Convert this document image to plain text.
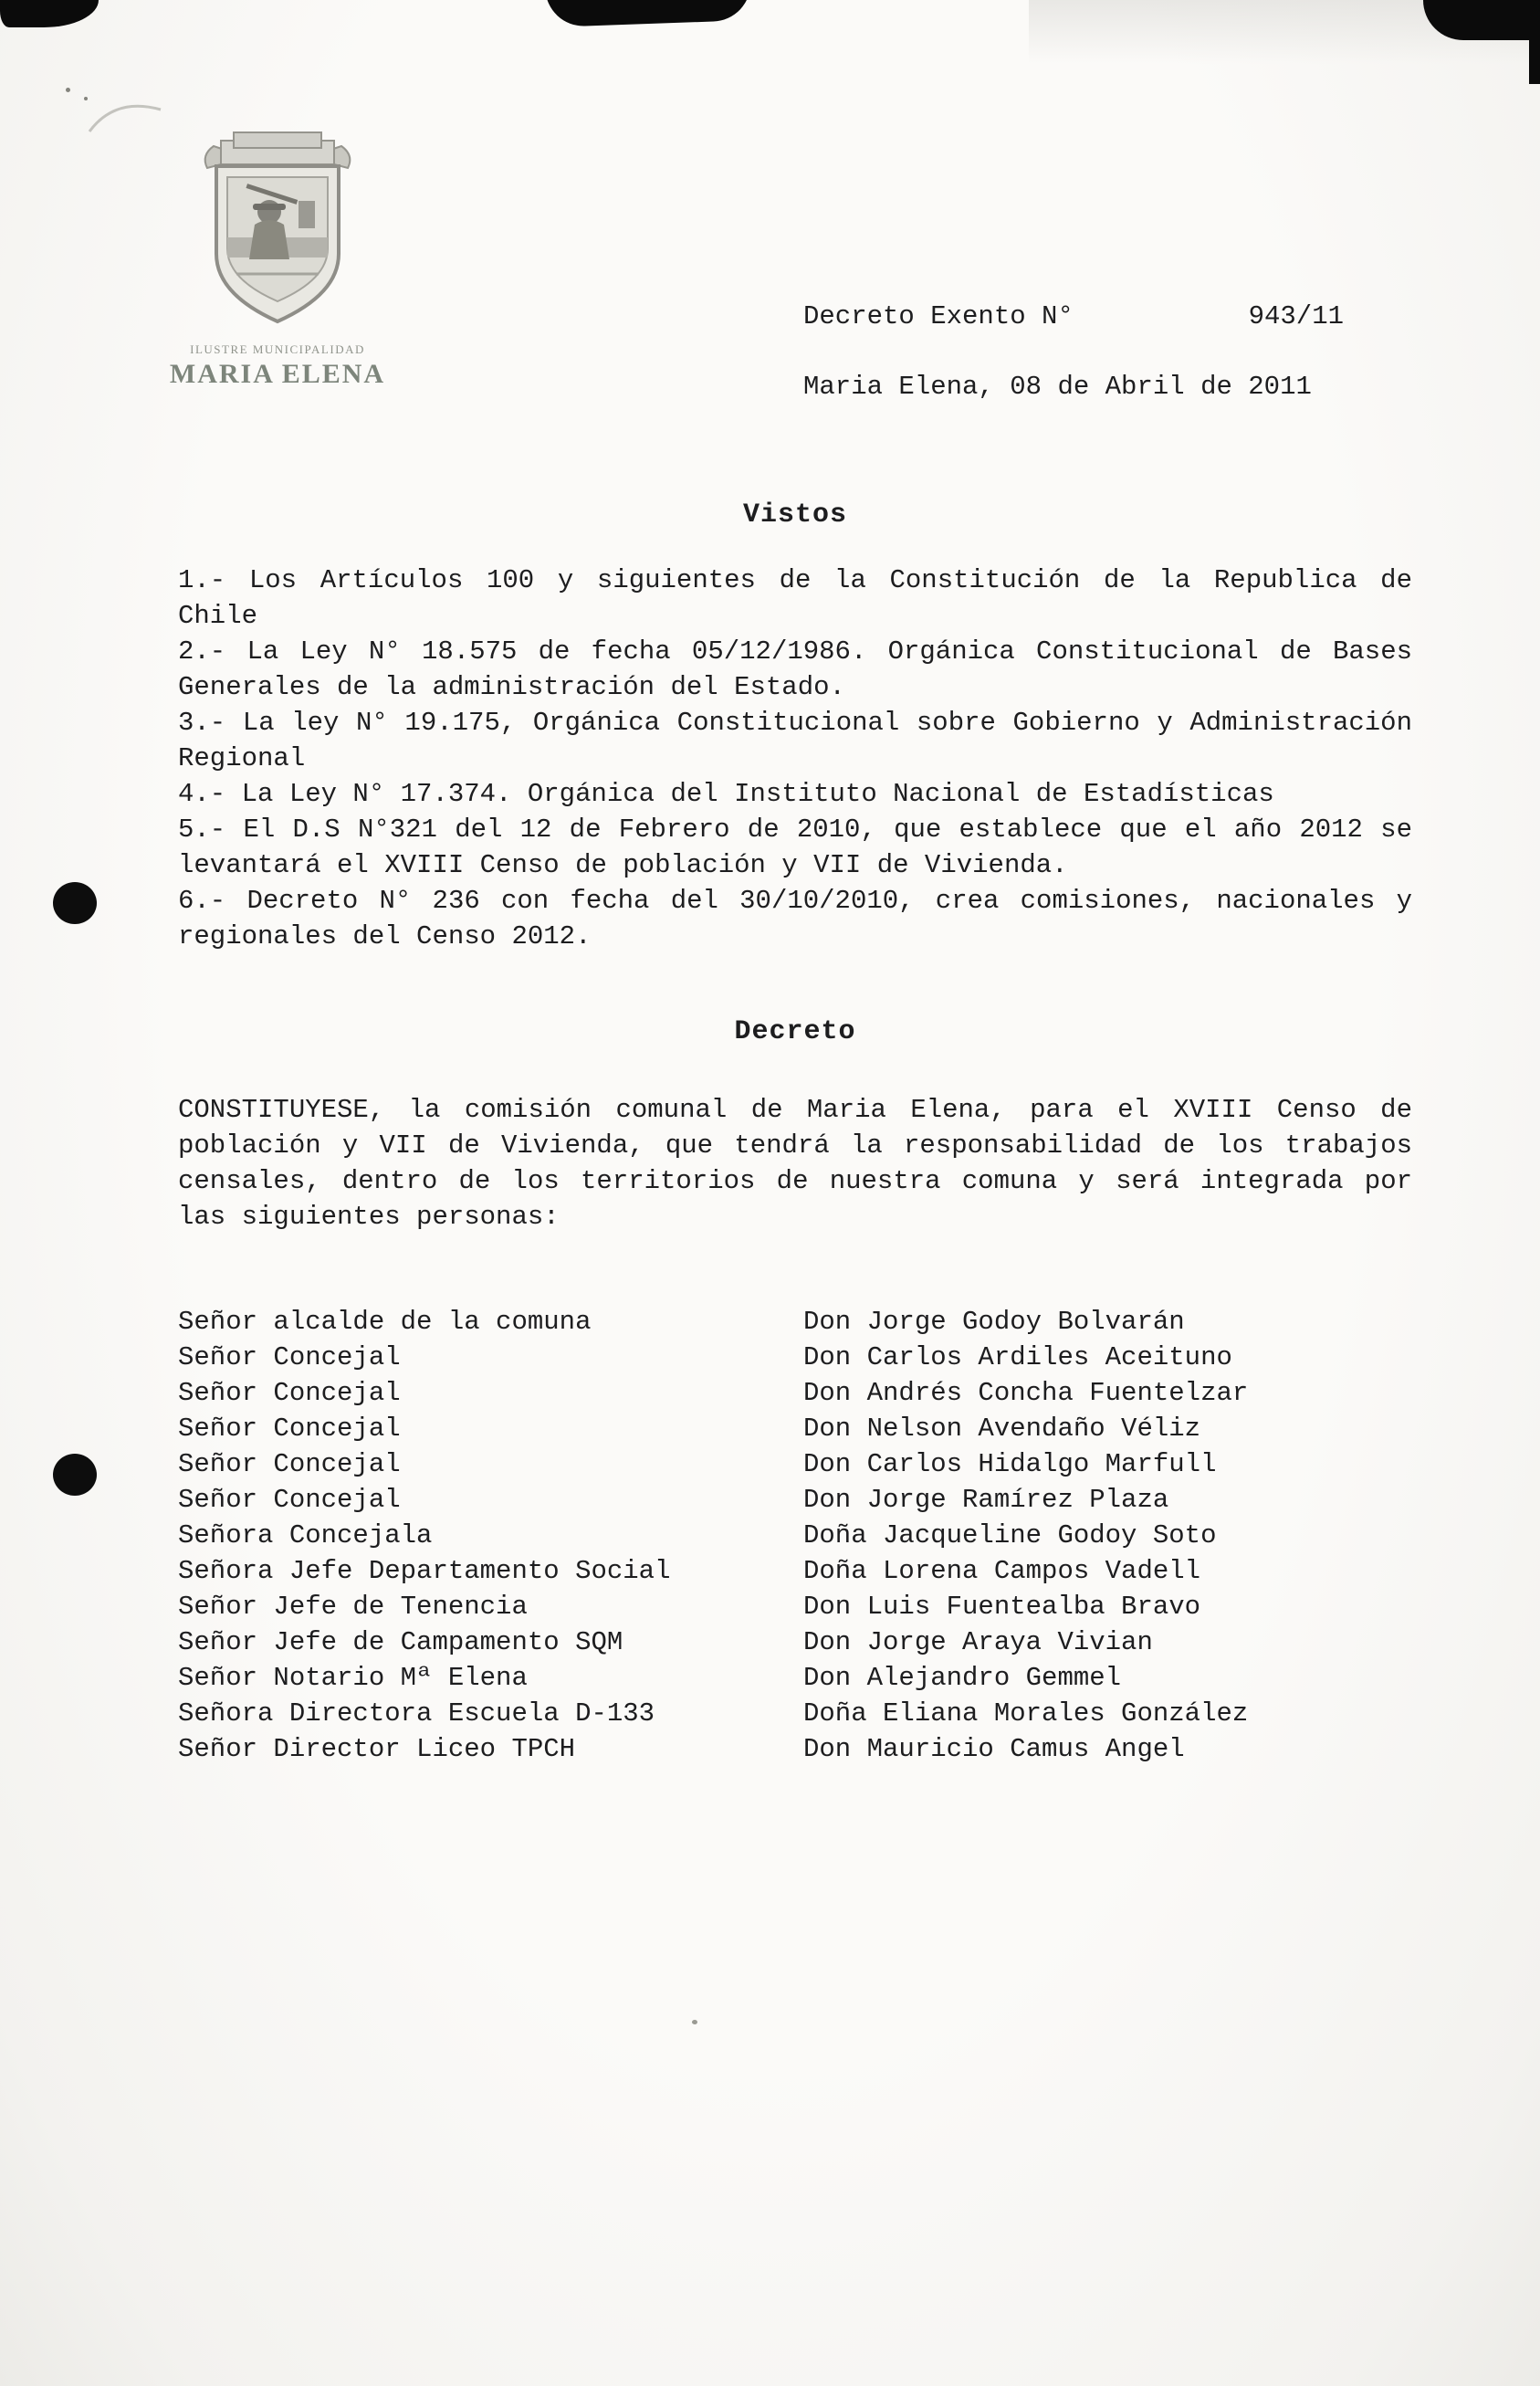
ILUSTRE MUNICIPALIDAD
MARIA ELENA
Decreto Exento N°	943/11
Maria Elena, 08 de Abril de 2011
Vistos

1.- Los Artículos 100 y siguientes de la Constitución de la Republica de Chile

2.- La Ley N° 18.575 de fecha 05/12/1986. Orgánica Constitucional de Bases Generales de la administración del Estado.

3.- La ley N° 19.175, Orgánica Constitucional sobre Gobierno y Administración Regional

4.- La Ley N° 17.374. Orgánica del Instituto Nacional de Estadísticas

5.- El D.S N°321 del 12 de Febrero de 2010, que establece que el año 2012 se levantará el XVIII Censo de población y VII de Vivienda.

6.- Decreto N° 236 con fecha del 30/10/2010, crea comisiones, nacionales y regionales del Censo 2012.

Decreto

CONSTITUYESE, la comisión comunal de Maria Elena, para el XVIII Censo de población y VII de Vivienda, que tendrá la responsabilidad de los trabajos censales, dentro de los territorios de nuestra comuna y será integrada por las siguientes personas:

Señor alcalde de la comuna	Don Jorge Godoy Bolvarán
Señor Concejal	Don Carlos Ardiles Aceituno
Señor Concejal	Don Andrés Concha Fuentelzar
Señor Concejal	Don Nelson Avendaño Véliz
Señor Concejal	Don Carlos Hidalgo Marfull
Señor Concejal	Don Jorge Ramírez Plaza
Señora Concejala	Doña Jacqueline Godoy Soto
Señora Jefe Departamento Social	Doña Lorena Campos Vadell
Señor Jefe de Tenencia	Don Luis Fuentealba Bravo
Señor Jefe de Campamento SQM	Don Jorge Araya Vivian
Señor Notario Mª Elena	Don Alejandro Gemmel
Señora Directora Escuela D-133	Doña Eliana Morales González
Señor Director Liceo TPCH	Don Mauricio Camus Angel
